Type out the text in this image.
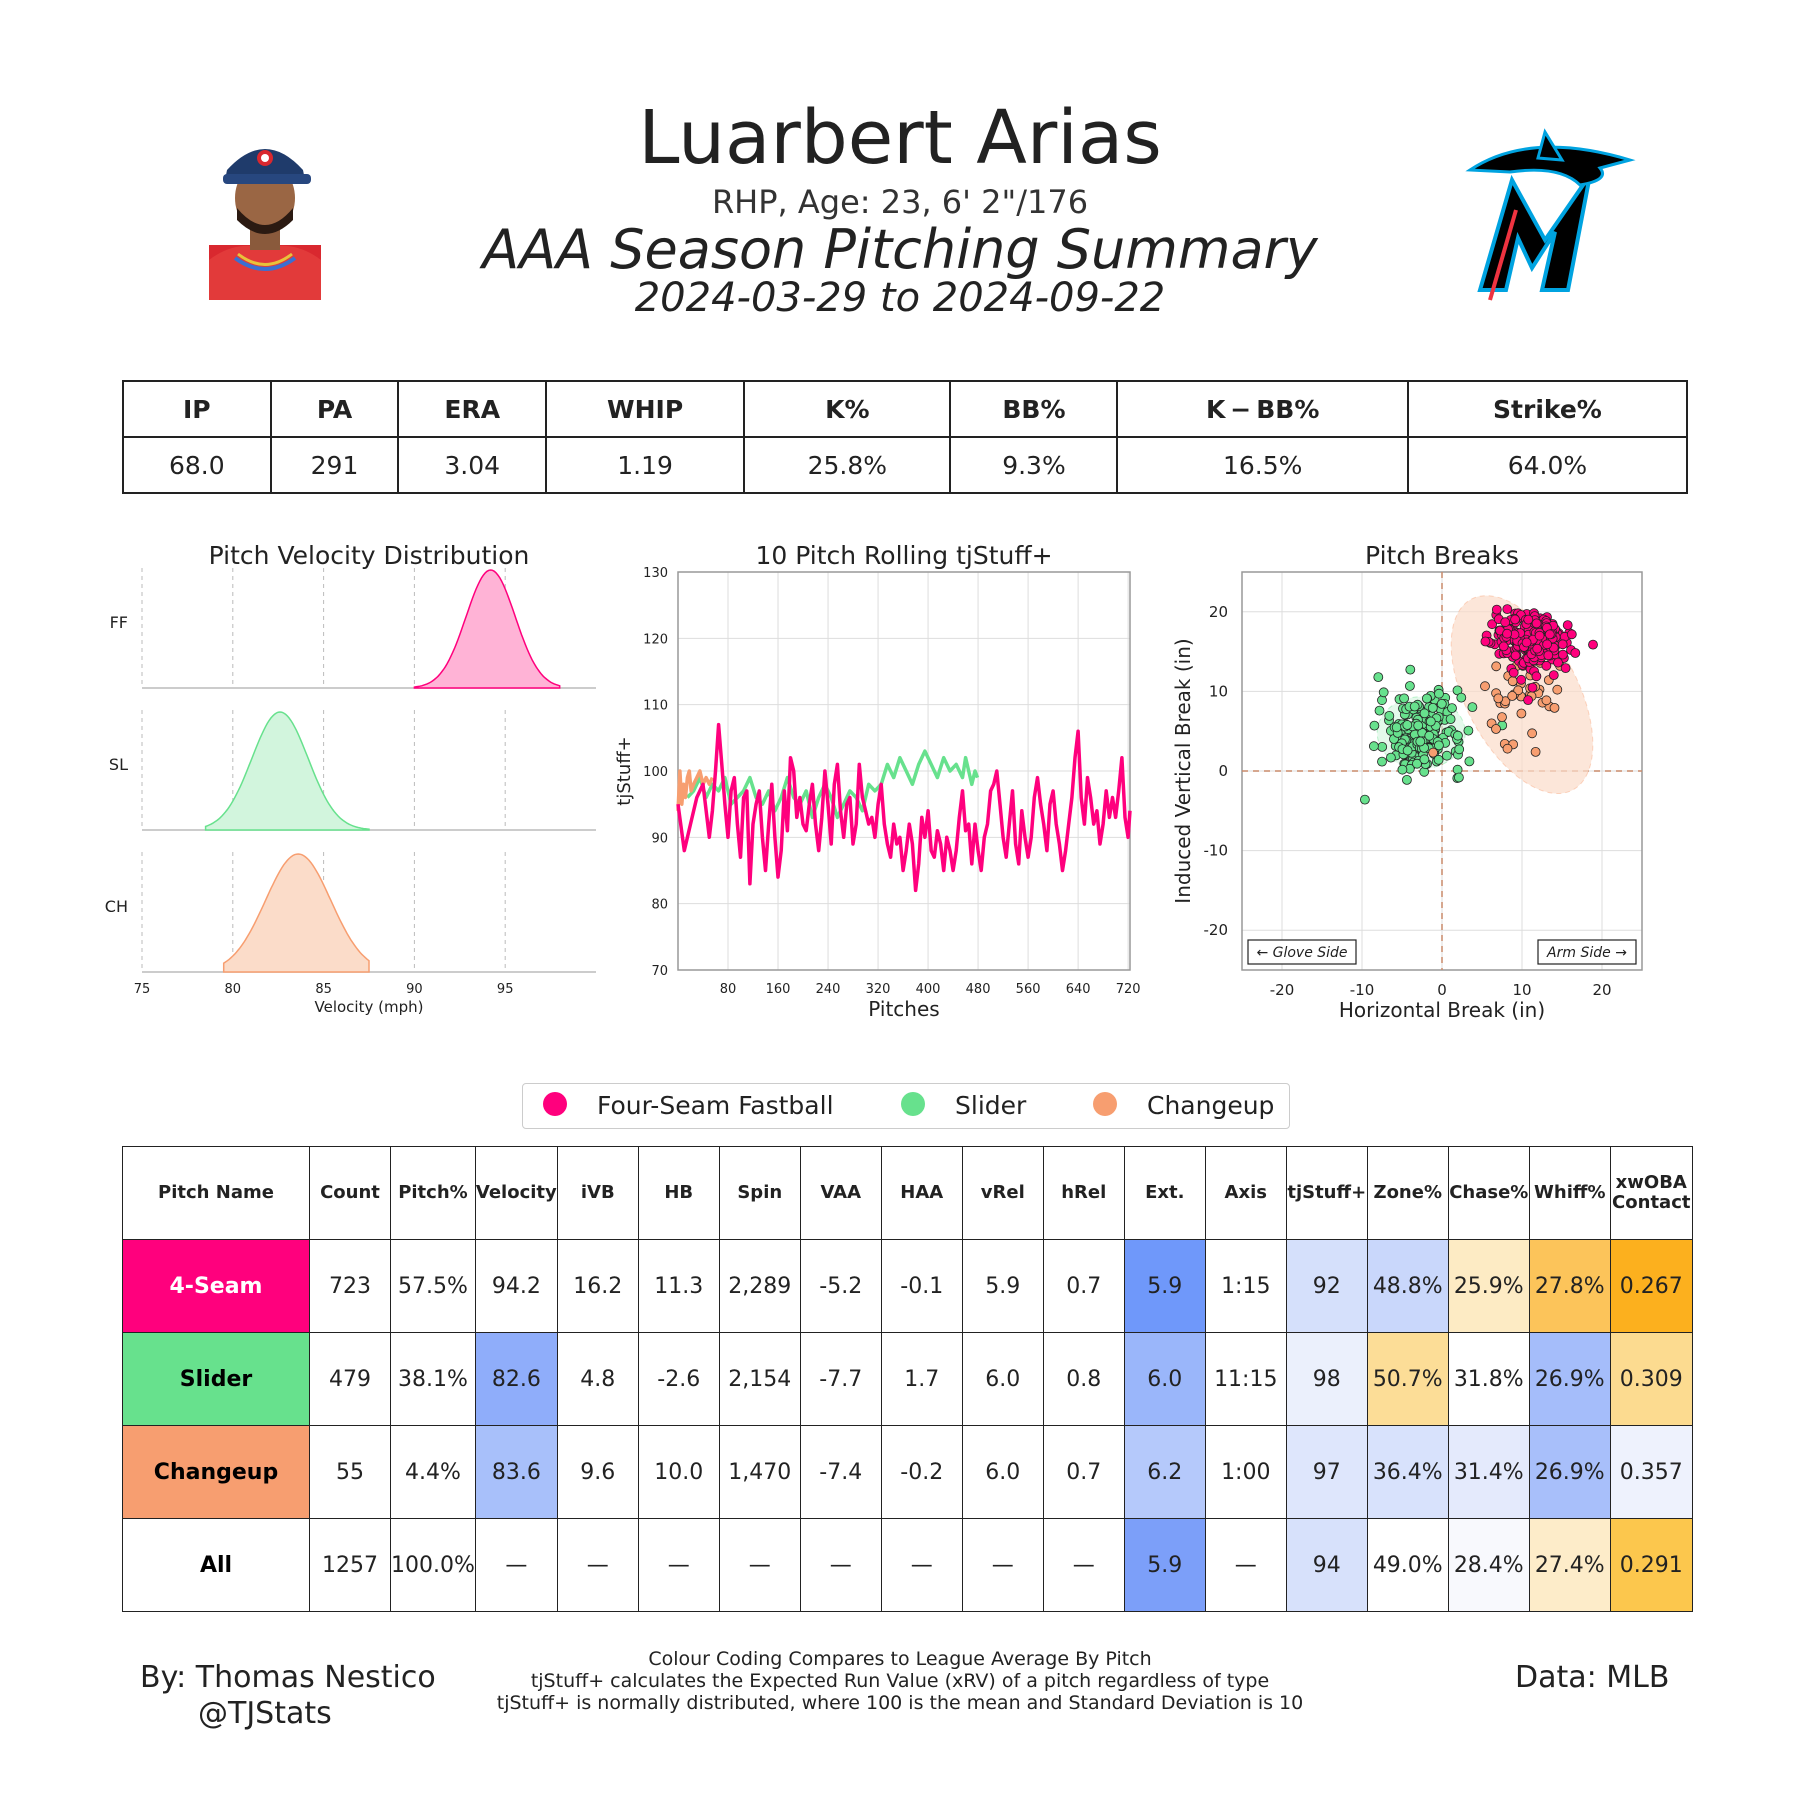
Luarbert Arias
RHP, Age: 23, 6' 2"/176
AAA Season Pitching Summary
2024-03-29 to 2024-09-22
IP	PA	ERA	WHIP	K%	BB%	K − BB%	Strike%
68.0	291	3.04	1.19	25.8%	9.3%	16.5%	64.0%
Pitch Velocity Distribution
FF
SL
CH
75	80	85	90	95
Velocity (mph)
10 Pitch Rolling tjStuff+
80 160 240 320 400 480 560 640 720
70
80
90
100
110
120
130
Pitches
tjStuff+
Pitch Breaks
-20	-10	0	10	20
-20
-10
0
10
20
← Glove Side	Arm Side →
Horizontal Break (in)
Induced Vertical Break (in)
Four-Seam Fastball	Slider	Changeup
Pitch Name	Count	Pitch%	Velocity	iVB	HB	Spin	VAA	HAA	vRel	hRel	Ext.	Axis	tjStuff+	Zone%	Chase%	Whiff%	xwOBA
Contact
4-Seam	723	57.5%	94.2	16.2	11.3	2,289	-5.2	-0.1	5.9	0.7	5.9	1:15	92	48.8%	25.9%	27.8%	0.267
Slider	479	38.1%	82.6	4.8	-2.6	2,154	-7.7	1.7	6.0	0.8	6.0	11:15	98	50.7%	31.8%	26.9%	0.309
Changeup	55	4.4%	83.6	9.6	10.0	1,470	-7.4	-0.2	6.0	0.7	6.2	1:00	97	36.4%	31.4%	26.9%	0.357
All	1257	100.0%	—	—	—	—	—	—	—	—	5.9	—	94	49.0%	28.4%	27.4%	0.291
By: Thomas Nestico
@TJStats
Colour Coding Compares to League Average By Pitch
tjStuff+ calculates the Expected Run Value (xRV) of a pitch regardless of type
tjStuff+ is normally distributed, where 100 is the mean and Standard Deviation is 10
Data: MLB
